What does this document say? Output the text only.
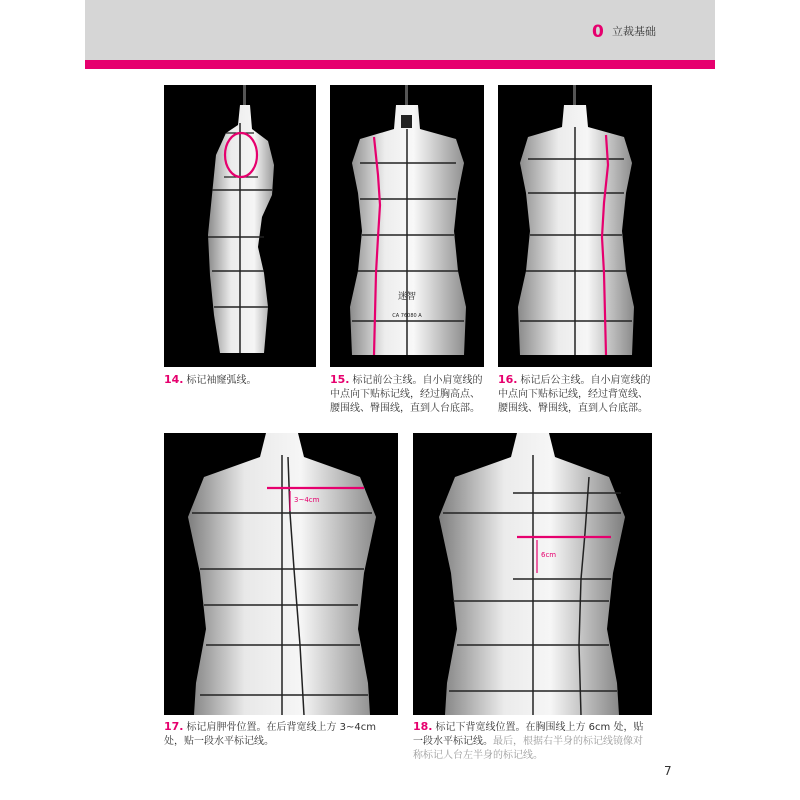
0 立裁基础
14. 标记袖窿弧线。
迷智
CA 76080 A
15. 标记前公主线。自小肩宽线的中点向下贴标记线，经过胸高点、腰围线、臀围线，直到人台底部。
16. 标记后公主线。自小肩宽线的中点向下贴标记线，经过背宽线、腰围线、臀围线，直到人台底部。
3~4cm
17. 标记肩胛骨位置。在后背宽线上方 3~4cm 处，贴一段水平标记线。
6cm
18. 标记下背宽线位置。在胸围线上方 6cm 处，贴一段水平标记线。最后，根据右半身的标记线镜像对称标记人台左半身的标记线。
7
